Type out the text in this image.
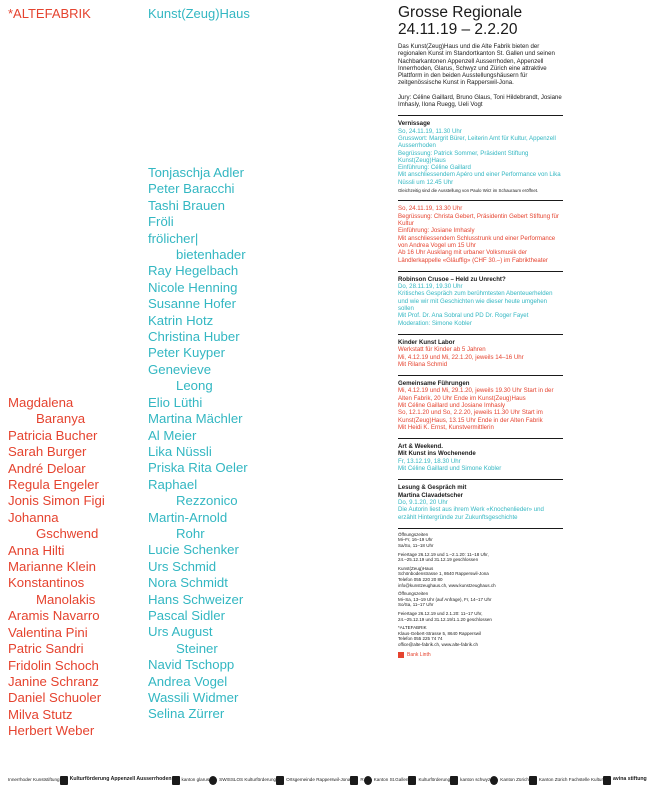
*ALTEFABRIK	Kunst(Zeug)Haus
Tonjaschja Adler
Peter Baracchi
Tashi Brauen
Fröli
frölicher|
bietenhader
Ray Hegelbach
Nicole Henning
Susanne Hofer
Katrin Hotz
Christina Huber
Peter Kuyper
Genevieve
Leong
Elio Lüthi
Martina Mächler
Al Meier
Lika Nüssli
Priska Rita Oeler
Raphael
Rezzonico
Martin-Arnold
Rohr
Lucie Schenker
Urs Schmid
Nora Schmidt
Hans Schweizer
Pascal Sidler
Urs August
Steiner
Navid Tschopp
Andrea Vogel
Wassili Widmer
Selina Zürrer
Magdalena
Baranya
Patricia Bucher
Sarah Burger
André Deloar
Regula Engeler
Jonis Simon Figi
Johanna
Gschwend
Anna Hilti
Marianne Klein
Konstantinos
Manolakis
Aramis Navarro
Valentina Pini
Patric Sandri
Fridolin Schoch
Janine Schranz
Daniel Schuoler
Milva Stutz
Herbert Weber
Grosse Regionale
24.11.19 – 2.2.20
Das Kunst(Zeug)Haus und die Alte Fabrik bieten der regionalen Kunst im Standortkanton St. Gallen und seinen Nachbarkantonen Appenzell Ausserrhoden, Appenzell Innerrhoden, Glarus, Schwyz und Zürich eine attraktive Plattform in den beiden Ausstellungshäusern für zeitgenössische Kunst in Rapperswil-Jona.
Jury: Céline Gaillard, Bruno Glaus, Toni Hildebrandt, Josiane Imhasly, Ilona Ruegg, Ueli Vogt
Vernissage
So, 24.11.19, 11.30 Uhr
Grusswort: Margrit Bürer, Leiterin Amt für Kultur, Appenzell Ausserrhoden
Begrüssung: Patrick Sommer, Präsident Stiftung Kunst(Zeug)Haus
Einführung: Céline Gaillard
Mit anschliessendem Apéro und einer Performance von Lika Nüssli um 12.45 Uhr
Gleichzeitig sind die Ausstellung von Paulo Wirz im Schauraum eröffnet.
So, 24.11.19, 13.30 Uhr
Begrüssung: Christa Gebert, Präsidentin Gebert Stiftung für Kultur
Einführung: Josiane Imhasly
Mit anschliessendem Schlusstrunk und einer Performance von Andrea Vogel um 15 Uhr
Ab 16 Uhr Ausklang mit urbaner Volksmusik der Ländlerkappelle «Gläuffig» (CHF 30.–) im Fabriktheater
Robinson Crusoe – Held zu Unrecht?
Do, 28.11.19, 19.30 Uhr
Kritisches Gespräch zum berühmtesten Abenteuerhelden und wie wir mit Geschichten wie dieser heute umgehen sollen
Mit Prof. Dr. Ana Sobral und PD Dr. Roger Fayet
Moderation: Simone Kobler
Kinder Kunst Labor
Werkstatt für Kinder ab 5 Jahren
Mi, 4.12.19 und Mi, 22.1.20, jeweils 14–16 Uhr
Mit Rilana Schmid
Gemeinsame Führungen
Mi, 4.12.19 und Mi, 29.1.20, jeweils 19.30 Uhr Start in der Alten Fabrik, 20 Uhr Ende im Kunst(Zeug)Haus
Mit Céline Gaillard und Josiane Imhasly
So, 12.1.20 und So, 2.2.20, jeweils 11.30 Uhr Start im Kunst(Zeug)Haus, 13.15 Uhr Ende in der Alten Fabrik
Mit Heidi K. Ernst, Kunstvermittlerin
Art & Weekend.
Mit Kunst ins Wochenende
Fr, 13.12.19, 18.30 Uhr
Mit Céline Gaillard und Simone Kobler
Lesung & Gespräch mit
Martina Clavadetscher
Do, 9.1.20, 20 Uhr
Die Autorin liest aus ihrem Werk «Knochenlieder» und erzählt Hintergründe zur Zukunftsgeschichte

Öffnungszeiten
Mi–Fr, 16–19 Uhr
Sa/So, 11–18 Uhr

Feiertage 26.12.19 und 1.–2.1.20: 11–18 Uhr,
24.–25.12.19 und 31.12.19 geschlossen

Kunst(Zeug)Haus
Schönbodenstrasse 1, 8640 Rapperswil-Jona
Telefon 055 220 20 80
info@kunstzeughaus.ch, www.kunstzeughaus.ch

Öffnungszeiten
Mi–Sa, 13–19 Uhr (auf Anfrage), Fr, 14–17 Uhr
So/Sa, 11–17 Uhr

Feiertage 26.12.19 und 2.1.20: 11–17 Uhr,
24.–25.12.19 und 31.12.19/1.1.20 geschlossen

*ALTEFABRIK
Klaus-Gebert-Strasse 5, 8640 Rapperswil
Telefon 055 225 74 74
office@alte-fabrik.ch, www.alte-fabrik.ch

Bank Linth
Innerrhoder Kunststiftung Kulturförderung Appenzell Ausserrhoden kanton glarus SWISSLOS Kulturförderung Ortsgemeinde Rapperswil-Jona R Kanton St.Gallen Kulturförderung kanton schwyz Kanton Zürich Kanton Zürich Fachstelle Kultur avina stiftung
